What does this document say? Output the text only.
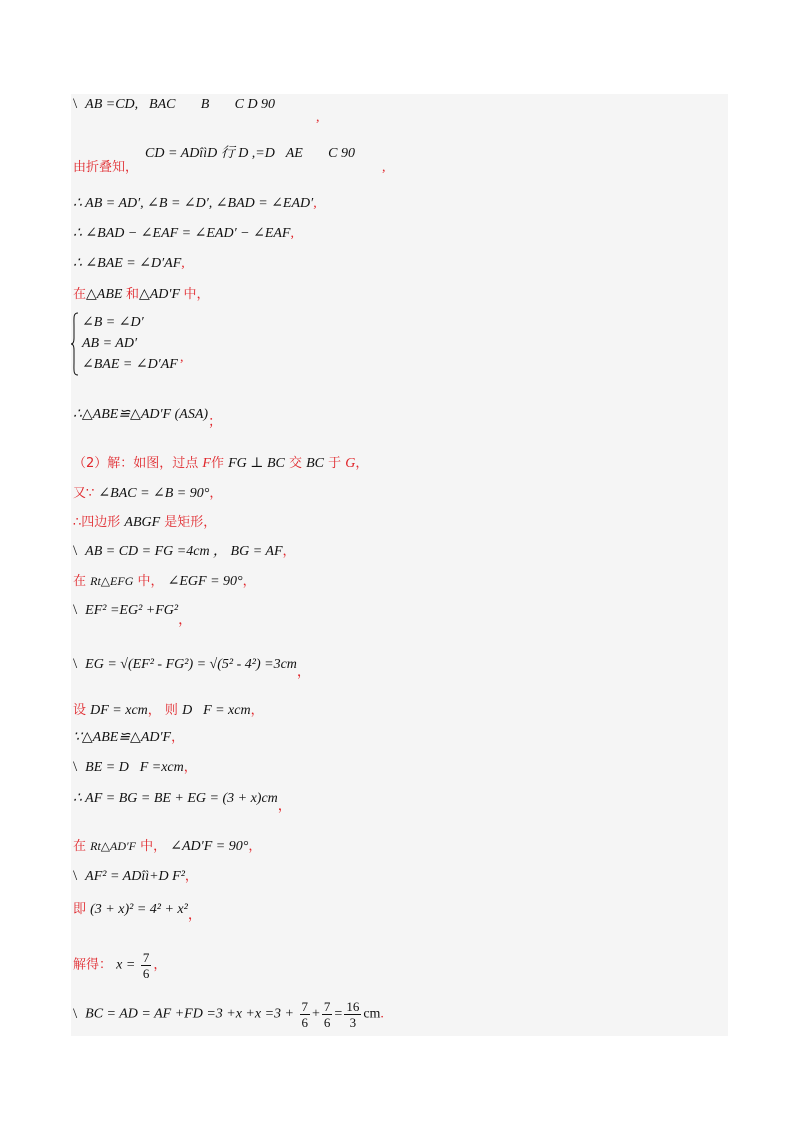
\ AB =CD, BAC   B   C D 90
,
CD = ADîìD 行 D ,=D AE   C 90
,
由折叠知，
∴ AB = AD′, ∠B = ∠D′, ∠BAD = ∠EAD′,
∴ ∠BAD − ∠EAF = ∠EAD′ − ∠EAF,
∴ ∠BAE = ∠D′AF,
在△ABE 和△AD′F 中，
∠B = ∠D′
AB = AD′
∠BAE = ∠D′AF ,
∴△ABE≌△AD′F (ASA)；
（2）解：如图，过点 F作 FG ⊥ BC 交 BC 于 G，
又∵ ∠BAC = ∠B = 90°，
∴四边形 ABGF 是矩形，
\ AB = CD = FG =4cm ， BG = AF，
在 Rt△EFG 中， ∠EGF = 90°，
\ EF² =EG² +FG²，
\ EG = √(EF² - FG²) = √(5² - 4²) =3cm，
设 DF = xcm， 则 D F = xcm，
∵△ABE≌△AD′F，
\ BE = D F =xcm，
∴ AF = BG = BE + EG = (3 + x)cm，
在 Rt△AD′F 中， ∠AD′F = 90°，
\ AF² = ADîì+D F²，
即 (3 + x)² = 4² + x²，
解得： $x = \frac{7}{6}$ ，
\ BC = AD = AF $+FD =3 +x +x =3 + \frac{7}{6} + \frac{7}{6} = \frac{16}{3}$ cm.
